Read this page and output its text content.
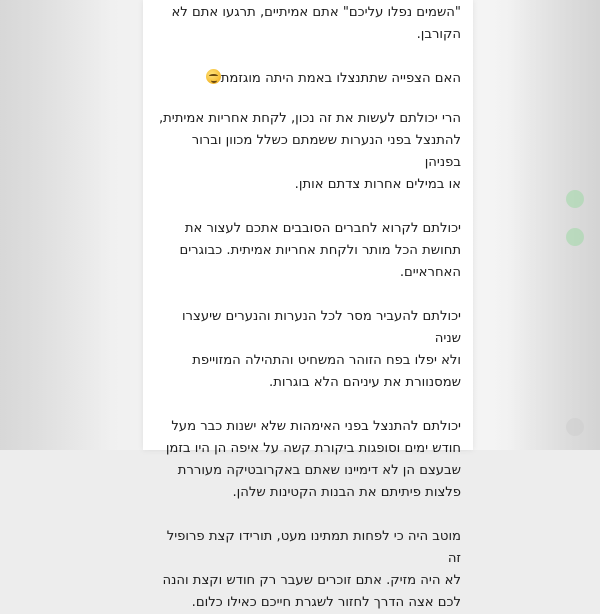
"השמים נפלו עליכם" אתם אמיתיים, תרגעו אתם לא
הקורבן.

האם הצפייה שתתנצלו באמת היתה מוגזמת

הרי יכולתם לעשות את זה נכון, לקחת אחריות אמיתית,
להתנצל בפני הנערות ששמתם כשלל מכוון וברור בפניהן
או במילים אחרות צדתם אותן.

יכולתם לקרוא לחברים הסובבים אתכם לעצור את
תחושת הכל מותר ולקחת אחריות אמיתית. כבוגרים
האחראיים.

יכולתם להעביר מסר לכל הנערות והנערים שיעצרו שניה
ולא יפלו בפח הזוהר המשחיט והתהילה המזוייפת
שמסנוורת את עיניהם הלא בוגרות.

יכולתם להתנצל בפני האימהות שלא ישנות כבר מעל
חודש ימים וסופגות ביקורת קשה על איפה הן היו בזמן
שבעצם הן לא דימיינו שאתם באקרובטיקה מעוררת
פלצות פיתיתם את הבנות הקטינות שלהן.

מוטב היה כי לפחות תמתינו מעט, תורידו קצת פרופיל זה
לא היה מזיק. אתם זוכרים שעבר רק חודש וקצת והנה
לכם אצה הדרך לחזור לשגרת חייכם כאילו כלום.
